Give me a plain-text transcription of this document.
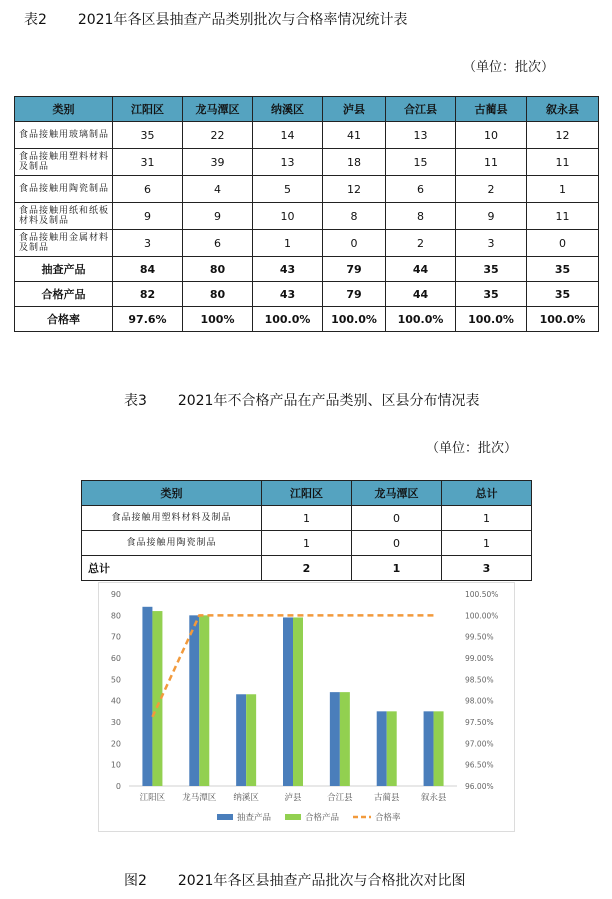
表2 2021年各区县抽查产品类别批次与合格率情况统计表
（单位：批次）
类别	江阳区	龙马潭区	纳溪区	泸县	合江县	古蔺县	叙永县
食品接触用玻璃制品	35	22	14	41	13	10	12
食品接触用塑料材料及制品	31	39	13	18	15	11	11
食品接触用陶瓷制品	6	4	5	12	6	2	1
食品接触用纸和纸板材料及制品	9	9	10	8	8	9	11
食品接触用金属材料及制品	3	6	1	0	2	3	0
抽查产品	84	80	43	79	44	35	35
合格产品	82	80	43	79	44	35	35
合格率	97.6%	100%	100.0%	100.0%	100.0%	100.0%	100.0%
表3 2021年不合格产品在产品类别、区县分布情况表
（单位：批次）
类别	江阳区	龙马潭区	总计
食品接触用塑料材料及制品	1	0	1
食品接触用陶瓷制品	1	0	1
总计	2	1	3
0
10
20
30
40
50
60
70
80
90
96.00%
96.50%
97.00%
97.50%
98.00%
98.50%
99.00%
99.50%
100.00%
100.50%
江阳区 龙马潭区 纳溪区	泸县	合江县	古蔺县	叙永县
抽查产品	合格产品	合格率
图2 2021年各区县抽查产品批次与合格批次对比图
